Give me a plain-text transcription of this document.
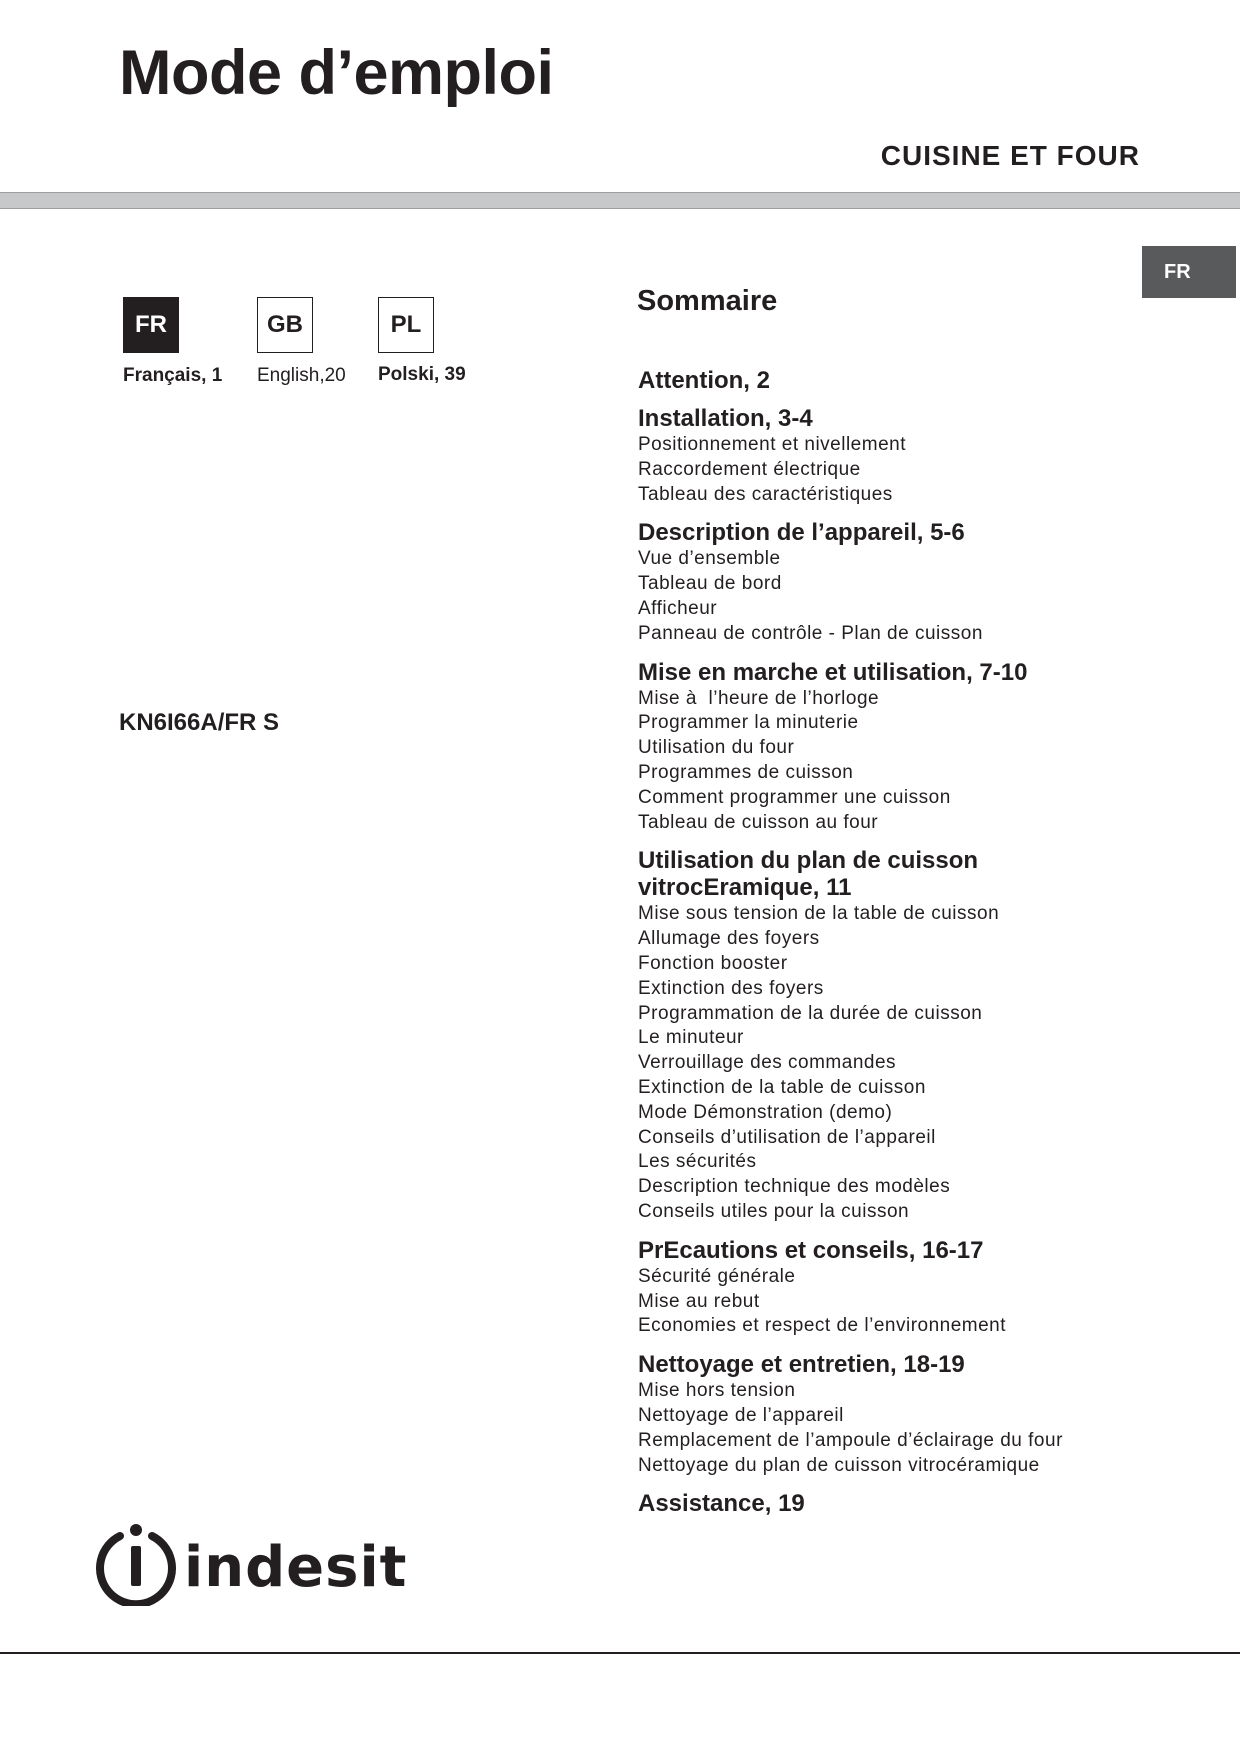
Mode d’emploi
CUISINE ET FOUR
FR
FR
Français, 1
GB
English,20
PL
Polski, 39
KN6I66A/FR S
Sommaire
Attention, 2
Installation, 3-4
Positionnement et nivellement
Raccordement électrique
Tableau des caractéristiques
Description de l’appareil, 5-6
Vue d’ensemble
Tableau de bord
Afficheur
Panneau de contrôle - Plan de cuisson
Mise en marche et utilisation, 7-10
Mise à  l’heure de l’horloge
Programmer la minuterie
Utilisation du four
Programmes de cuisson
Comment programmer une cuisson
Tableau de cuisson au four
Utilisation du plan de cuisson
vitrocEramique, 11
Mise sous tension de la table de cuisson
Allumage des foyers
Fonction booster
Extinction des foyers
Programmation de la durée de cuisson
Le minuteur
Verrouillage des commandes
Extinction de la table de cuisson
Mode Démonstration (demo)
Conseils d’utilisation de l’appareil
Les sécurités
Description technique des modèles
Conseils utiles pour la cuisson
PrEcautions et conseils, 16-17
Sécurité générale
Mise au rebut
Economies et respect de l’environnement
Nettoyage et entretien, 18-19
Mise hors tension
Nettoyage de l’appareil
Remplacement de l’ampoule d’éclairage du four
Nettoyage du plan de cuisson vitrocéramique
Assistance, 19
indesit
